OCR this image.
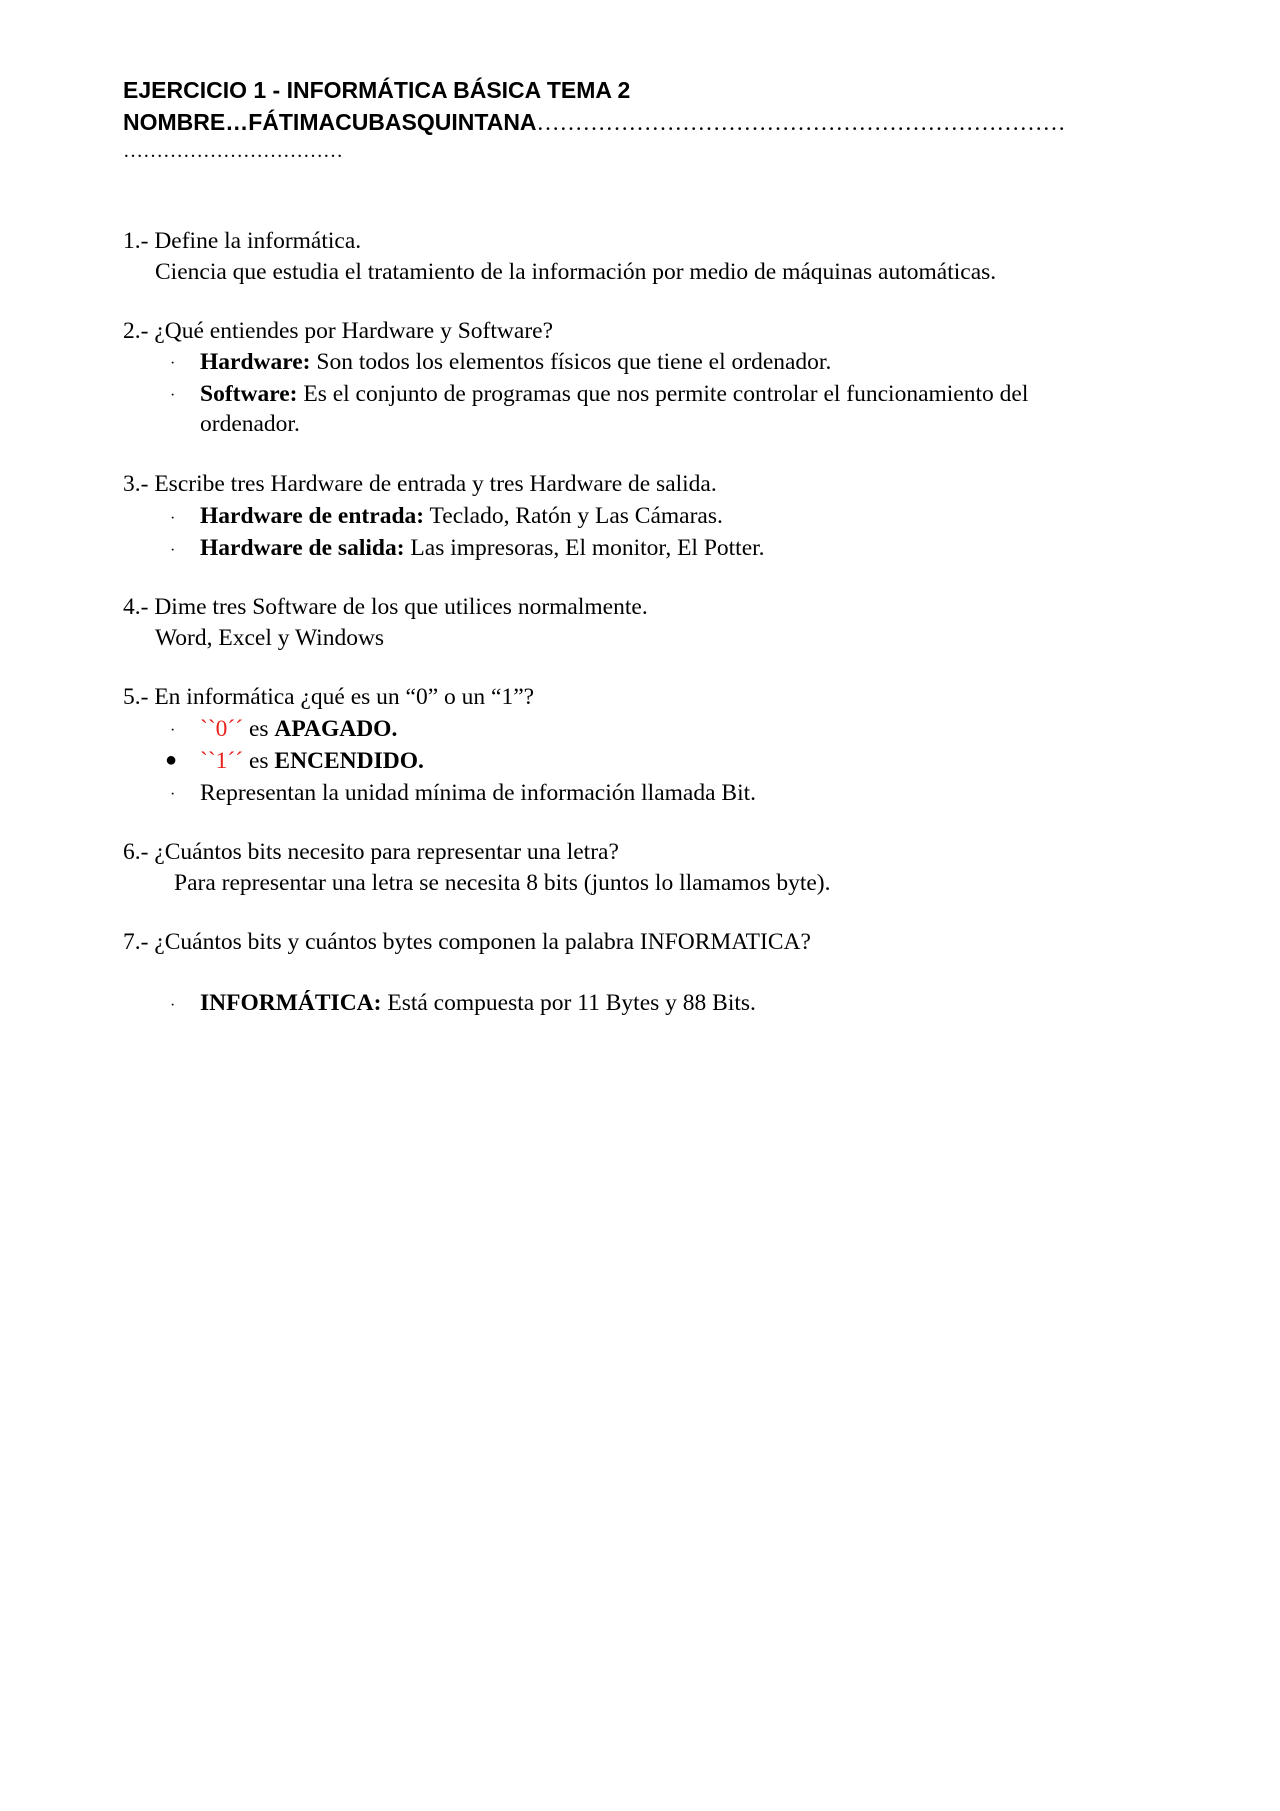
EJERCICIO 1 - INFORMÁTICA BÁSICA TEMA 2
NOMBRE…FÁTIMACUBASQUINTANA……………………………………………………………
……………………………
1.- Define la informática.
Ciencia que estudia el tratamiento de la información por medio de máquinas automáticas.
2.- ¿Qué entiendes por Hardware y Software?
· Hardware: Son todos los elementos físicos que tiene el ordenador.
· Software: Es el conjunto de programas que nos permite controlar el funcionamiento del
ordenador.
3.- Escribe tres Hardware de entrada y tres Hardware de salida.
· Hardware de entrada: Teclado, Ratón y Las Cámaras.
· Hardware de salida: Las impresoras, El monitor, El Potter.
4.- Dime tres Software de los que utilices normalmente.
Word, Excel y Windows
5.- En informática ¿qué es un “0” o un “1”?
· ``0´´ es APAGADO.
● ``1´´ es ENCENDIDO.
· Representan la unidad mínima de información llamada Bit.
6.- ¿Cuántos bits necesito para representar una letra?
Para representar una letra se necesita 8 bits (juntos lo llamamos byte).
7.- ¿Cuántos bits y cuántos bytes componen la palabra INFORMATICA?
· INFORMÁTICA: Está compuesta por 11 Bytes y 88 Bits.
